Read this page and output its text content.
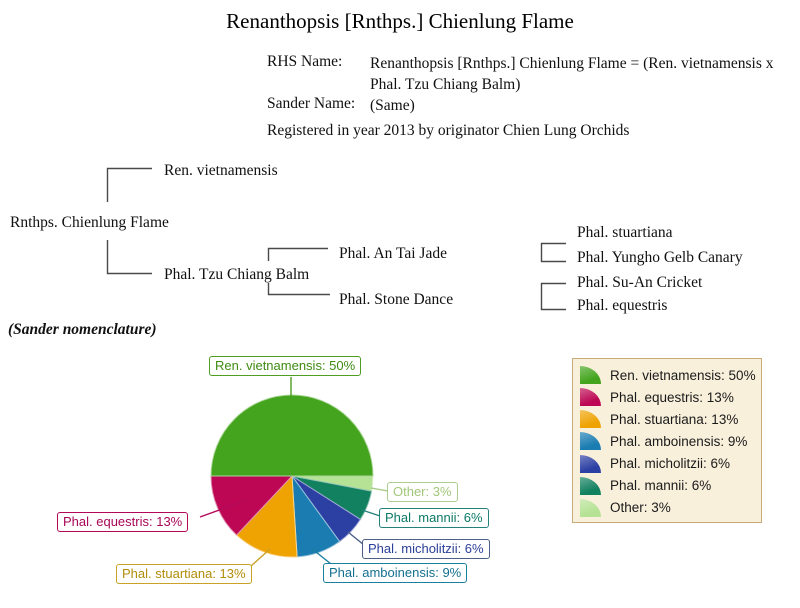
Renanthopsis [Rnthps.] Chienlung Flame
RHS Name: Renanthopsis [Rnthps.] Chienlung Flame = (Ren. vietnamensis x Phal. Tzu Chiang Balm)
Sander Name: (Same)
Registered in year 2013 by originator Chien Lung Orchids
Rnthps. Chienlung Flame
Ren. vietnamensis
Phal. Tzu Chiang Balm
Phal. An Tai Jade
Phal. Stone Dance
Phal. stuartiana
Phal. Yungho Gelb Canary
Phal. Su-An Cricket
Phal. equestris
(Sander nomenclature)
Ren. vietnamensis: 50%
Phal. equestris: 13%
Phal. stuartiana: 13%	Phal. amboinensis: 9%
Phal. micholitzii: 6%
Phal. mannii: 6%
Other: 3%
Ren. vietnamensis: 50%
Phal. equestris: 13%
Phal. stuartiana: 13%
Phal. amboinensis: 9%
Phal. micholitzii: 6%
Phal. mannii: 6%
Other: 3%
